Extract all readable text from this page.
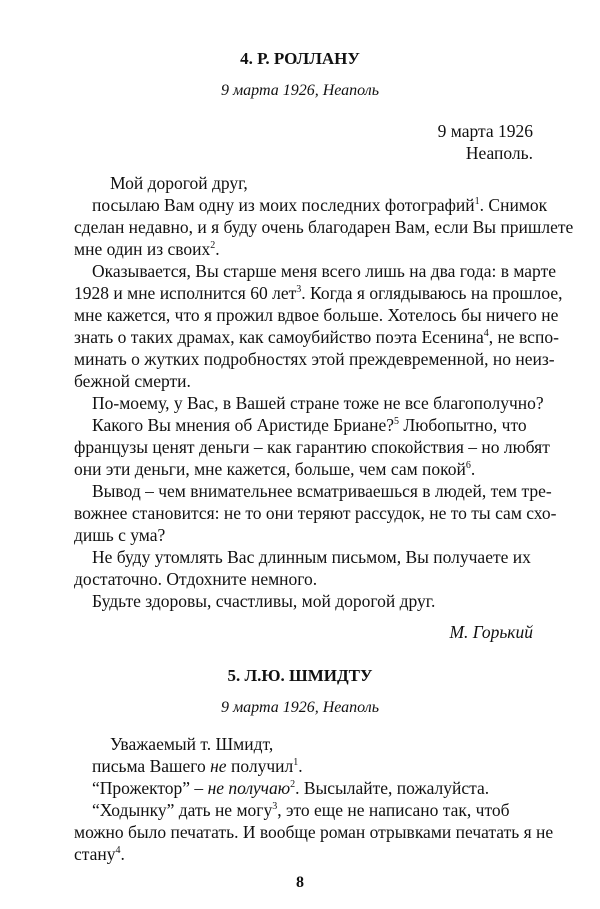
4. Р. РОЛЛАНУ
9 марта 1926, Неаполь
9 марта 1926
Неаполь.
Мой дорогой друг,
посылаю Вам одну из моих последних фотографий$^1$. Снимок
сделан недавно, и я буду очень благодарен Вам, если Вы пришлете
мне один из своих$^2$.
Оказывается, Вы старше меня всего лишь на два года: в марте
1928 и мне исполнится 60 лет$^3$. Когда я оглядываюсь на прошлое,
мне кажется, что я прожил вдвое больше. Хотелось бы ничего не
знать о таких драмах, как самоубийство поэта Есенина$^4$, не вспо-
минать о жутких подробностях этой преждевременной, но неиз-
бежной смерти.
По-моему, у Вас, в Вашей стране тоже не все благополучно?
Какого Вы мнения об Аристиде Бриане?$^5$ Любопытно, что
французы ценят деньги – как гарантию спокойствия – но любят
они эти деньги, мне кажется, больше, чем сам покой$^6$.
Вывод – чем внимательнее всматриваешься в людей, тем тре-
вожнее становится: не то они теряют рассудок, не то ты сам схо-
дишь с ума?
Не буду утомлять Вас длинным письмом, Вы получаете их
достаточно. Отдохните немного.
Будьте здоровы, счастливы, мой дорогой друг.
М. Горький
5. Л.Ю. ШМИДТУ
9 марта 1926, Неаполь
Уважаемый т. Шмидт,
письма Вашего не получил$^1$.
“Прожектор” – не получаю$^2$. Высылайте, пожалуйста.
“Ходынку” дать не могу$^3$, это еще не написано так, чтоб
можно было печатать. И вообще роман отрывками печатать я не
стану$^4$.
8
